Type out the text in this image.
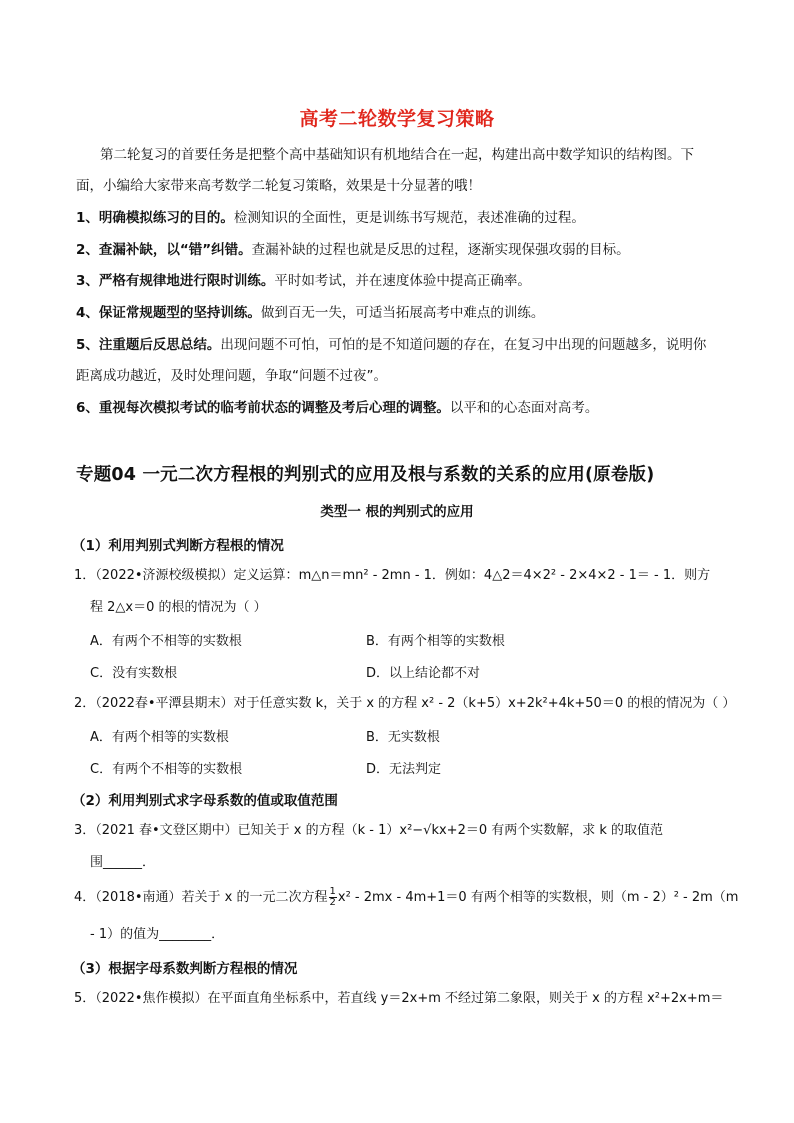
高考二轮数学复习策略
第二轮复习的首要任务是把整个高中基础知识有机地结合在一起，构建出高中数学知识的结构图。下
面，小编给大家带来高考数学二轮复习策略，效果是十分显著的哦！
1、明确模拟练习的目的。检测知识的全面性，更是训练书写规范，表述准确的过程。
2、查漏补缺，以“错”纠错。查漏补缺的过程也就是反思的过程，逐渐实现保强攻弱的目标。
3、严格有规律地进行限时训练。平时如考试，并在速度体验中提高正确率。
4、保证常规题型的坚持训练。做到百无一失，可适当拓展高考中难点的训练。
5、注重题后反思总结。出现问题不可怕，可怕的是不知道问题的存在，在复习中出现的问题越多，说明你
距离成功越近，及时处理问题，争取“问题不过夜”。
6、重视每次模拟考试的临考前状态的调整及考后心理的调整。以平和的心态面对高考。
专题04 一元二次方程根的判别式的应用及根与系数的关系的应用(原卷版)
类型一 根的判别式的应用
（1）利用判别式判断方程根的情况
1．（2022•济源校级模拟）定义运算：m△n＝mn² - 2mn - 1．例如：4△2＝4×2² - 2×4×2 - 1＝ - 1．则方
程 2△x＝0 的根的情况为（ ）
A．有两个不相等的实数根	B．有两个相等的实数根
C．没有实数根	D．以上结论都不对
2．（2022春•平潭县期末）对于任意实数 k，关于 x 的方程 x² - 2（k+5）x+2k²+4k+50＝0 的根的情况为（ ）
A．有两个相等的实数根	B．无实数根
C．有两个不相等的实数根	D．无法判定
（2）利用判别式求字母系数的值或取值范围
3．（2021 春•文登区期中）已知关于 x 的方程（k - 1）x²−√kx+2＝0 有两个实数解，求 k 的取值范
围______．
4．（2018•南通）若关于 x 的一元二次方程 $\frac{1}{2} x^2 - 2mx - 4m+1=0$ 有两个相等的实数根，则（m - 2）² - 2m（m
- 1）的值为________．
（3）根据字母系数判断方程根的情况
5．（2022•焦作模拟）在平面直角坐标系中，若直线 y＝2x+m 不经过第二象限，则关于 x 的方程 x²+2x+m＝
